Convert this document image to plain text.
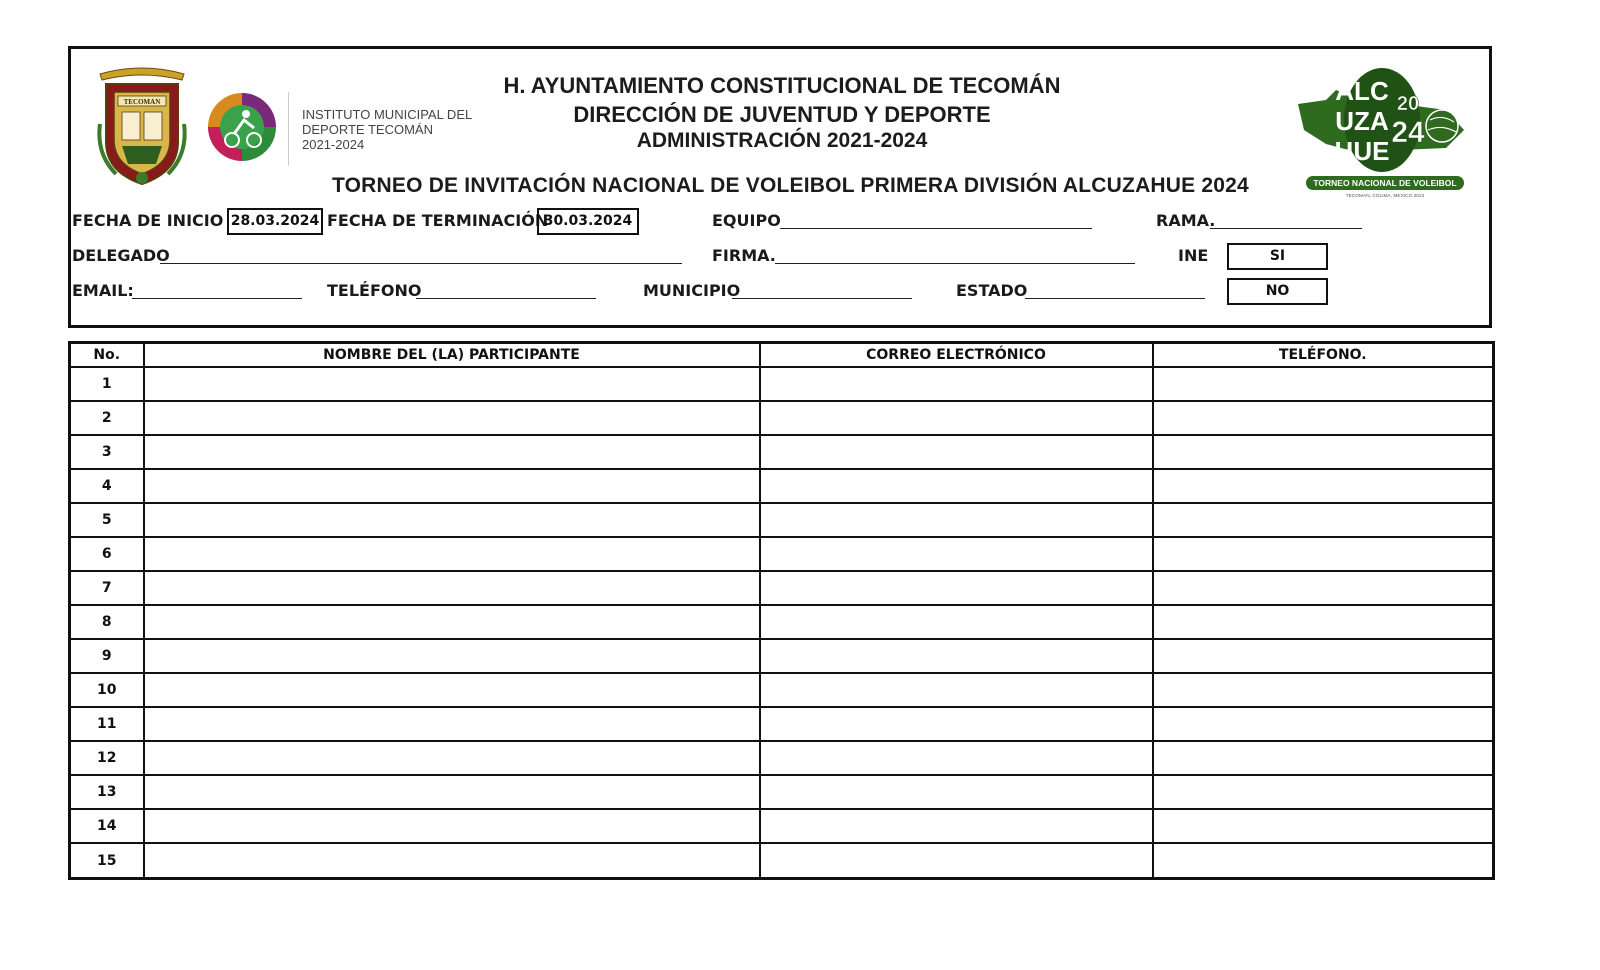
TECOMAN
INSTITUTO MUNICIPAL DEL
DEPORTE TECOMÁN
2021-2024
H. AYUNTAMIENTO CONSTITUCIONAL DE TECOMÁN
DIRECCIÓN DE JUVENTUD Y DEPORTE
ADMINISTRACIÓN 2021-2024
TORNEO DE INVITACIÓN NACIONAL DE VOLEIBOL PRIMERA DIVISIÓN ALCUZAHUE 2024
ALC
UZA
HUE
20
24
TORNEO NACIONAL DE VOLEIBOL
TECOMAN, COLIMA, MEXICO 2024
FECHA DE INICIO 28.03.2024 FECHA DE TERMINACIÓN
30.03.2024	EQUIPO	RAMA.
DELEGADO	FIRMA.	INE	SI
EMAIL:	TELÉFONO	MUNICIPIO	ESTADO	NO
No.	NOMBRE DEL (LA) PARTICIPANTE	CORREO ELECTRÓNICO	TELÉFONO.
1			
2			
3			
4			
5			
6			
7			
8			
9			
10			
11			
12			
13			
14			
15			
